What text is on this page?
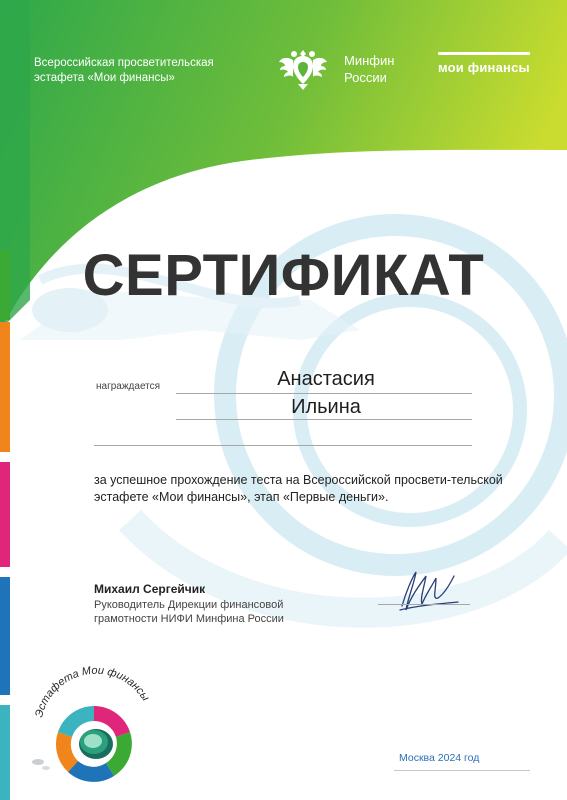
Всероссийская просветительская эстафета «Мои финансы»
Минфин России
мои финансы
СЕРТИФИКАТ
награждается	Анастасия
Ильина
за успешное прохождение теста на Всероссийской просвети-тельской эстафете «Мои финансы», этап «Первые деньги».
Михаил Сергейчик
Руководитель Дирекции финансовой грамотности НИФИ Минфина России
Эстафета Мои финансы
Москва 2024 год
